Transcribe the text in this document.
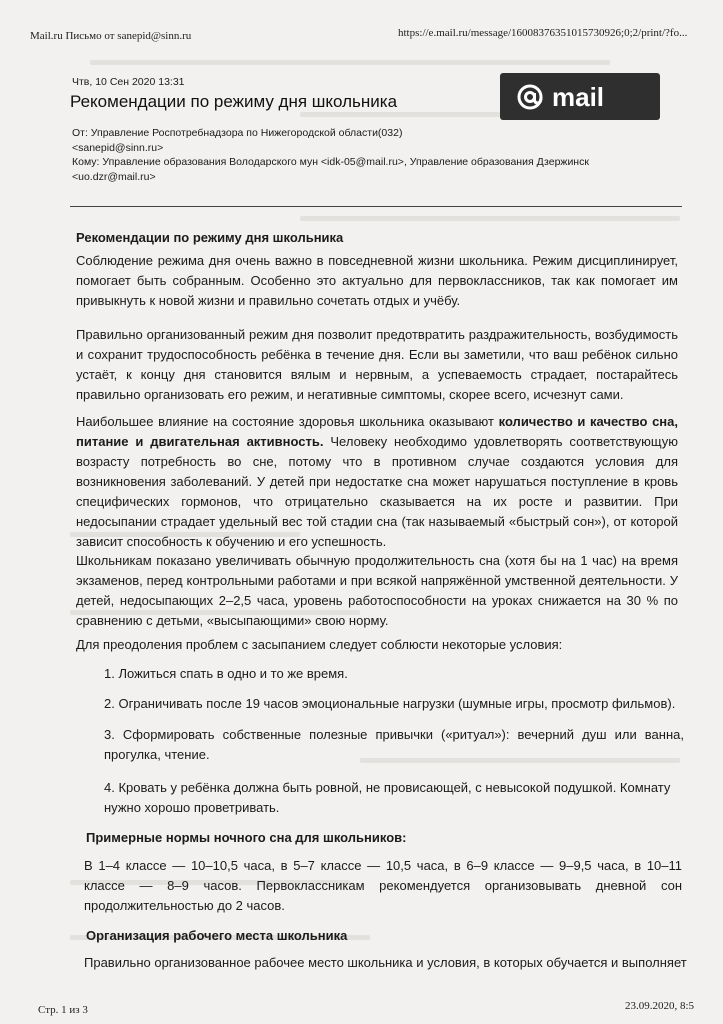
Mail.ru Письмо от sanepid@sinn.ru	https://e.mail.ru/message/16008376351015730926;0;2/print/?fo...
Чтв, 10 Сен 2020 13:31
Рекомендации по режиму дня школьника	mail
От: Управление Роспотребнадзора по Нижегородской области(032)
<sanepid@sinn.ru>
Кому: Управление образования Володарского мун <idk-05@mail.ru>, Управление образования Дзержинск
<uo.dzr@mail.ru>
Рекомендации по режиму дня школьника
Соблюдение режима дня очень важно в повседневной жизни школьника. Режим дисциплинирует, помогает быть собранным. Особенно это актуально для первоклассников, так как помогает им привыкнуть к новой жизни и правильно сочетать отдых и учёбу.
Правильно организованный режим дня позволит предотвратить раздражительность, возбудимость и сохранит трудоспособность ребёнка в течение дня. Если вы заметили, что ваш ребёнок сильно устаёт, к концу дня становится вялым и нервным, а успеваемость страдает, постарайтесь правильно организовать его режим, и негативные симптомы, скорее всего, исчезнут сами.
Наибольшее влияние на состояние здоровья школьника оказывают количество и качество сна, питание и двигательная активность. Человеку необходимо удовлетворять соответствующую возрасту потребность во сне, потому что в противном случае создаются условия для возникновения заболеваний. У детей при недостатке сна может нарушаться поступление в кровь специфических гормонов, что отрицательно сказывается на их росте и развитии. При недосыпании страдает удельный вес той стадии сна (так называемый «быстрый сон»), от которой зависит способность к обучению и его успешность.
Школьникам показано увеличивать обычную продолжительность сна (хотя бы на 1 час) на время экзаменов, перед контрольными работами и при всякой напряжённой умственной деятельности. У детей, недосыпающих 2–2,5 часа, уровень работоспособности на уроках снижается на 30 % по сравнению с детьми, «высыпающими» свою норму.
Для преодоления проблем с засыпанием следует соблюсти некоторые условия:
1. Ложиться спать в одно и то же время.
2. Ограничивать после 19 часов эмоциональные нагрузки (шумные игры, просмотр фильмов).
3. Сформировать собственные полезные привычки («ритуал»): вечерний душ или ванна, прогулка, чтение.
4. Кровать у ребёнка должна быть ровной, не провисающей, с невысокой подушкой. Комнату нужно хорошо проветривать.
Примерные нормы ночного сна для школьников:
В 1–4 классе — 10–10,5 часа, в 5–7 классе — 10,5 часа, в 6–9 классе — 9–9,5 часа, в 10–11 классе — 8–9 часов. Первоклассникам рекомендуется организовывать дневной сон продолжительностью до 2 часов.
Организация рабочего места школьника
Правильно организованное рабочее место школьника и условия, в которых обучается и выполняет
Стр. 1 из 3	23.09.2020, 8:5
